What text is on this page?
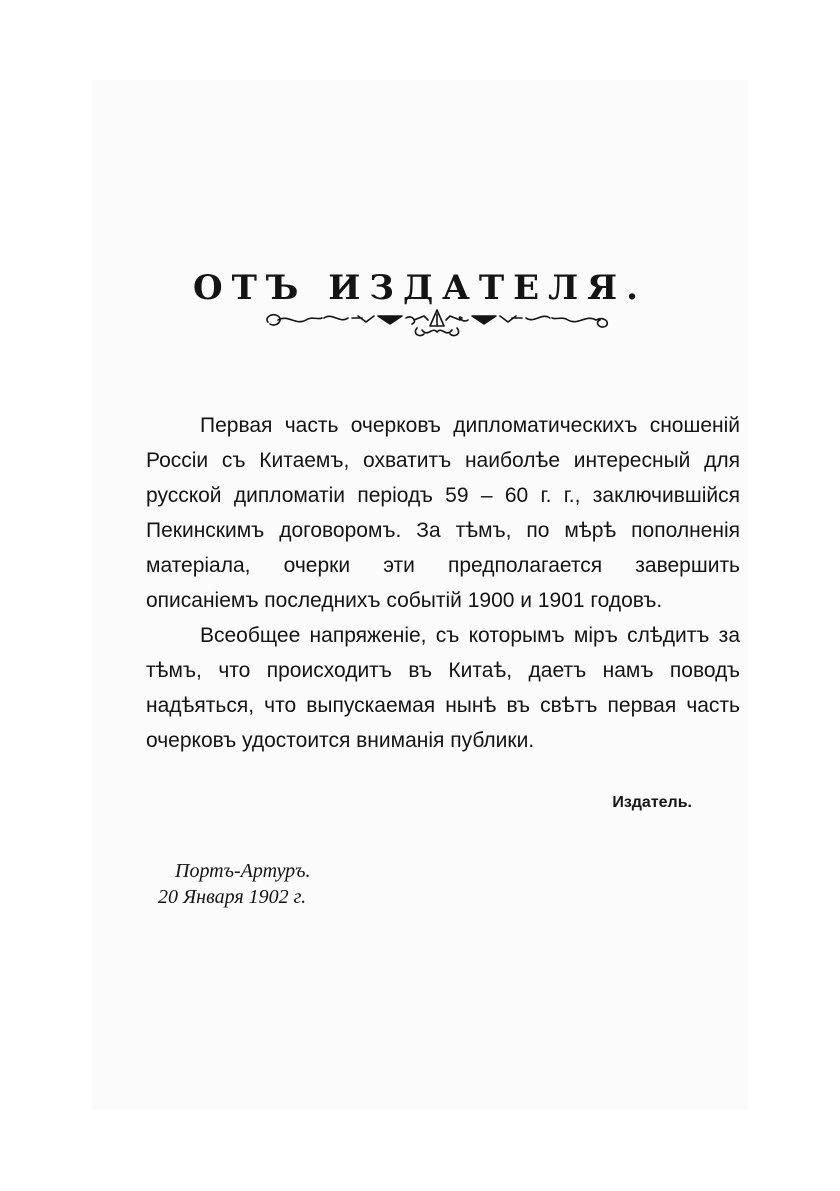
ОТЪ ИЗДАТЕЛЯ.

Первая часть очерковъ дипломатическихъ сношенiй Россiи съ Китаемъ, охватитъ наиболѣе интересный для русской дипломатiи перiодъ 59 – 60 г. г., заключившiйся Пекинскимъ договоромъ. За тѣмъ, по мѣрѣ пополненiя матерiала, очерки эти предполагается завершить описанiемъ последнихъ событiй 1900 и 1901 годовъ.

Всеобщее напряженiе, съ которымъ мiръ слѣдитъ за тѣмъ, что происходитъ въ Китаѣ, даетъ намъ поводъ надѣяться, что выпускаемая нынѣ въ свѣтъ первая часть очерковъ удостоится вниманiя публики.

Издатель.
Портъ-Артуръ.
20 Января 1902 г.
